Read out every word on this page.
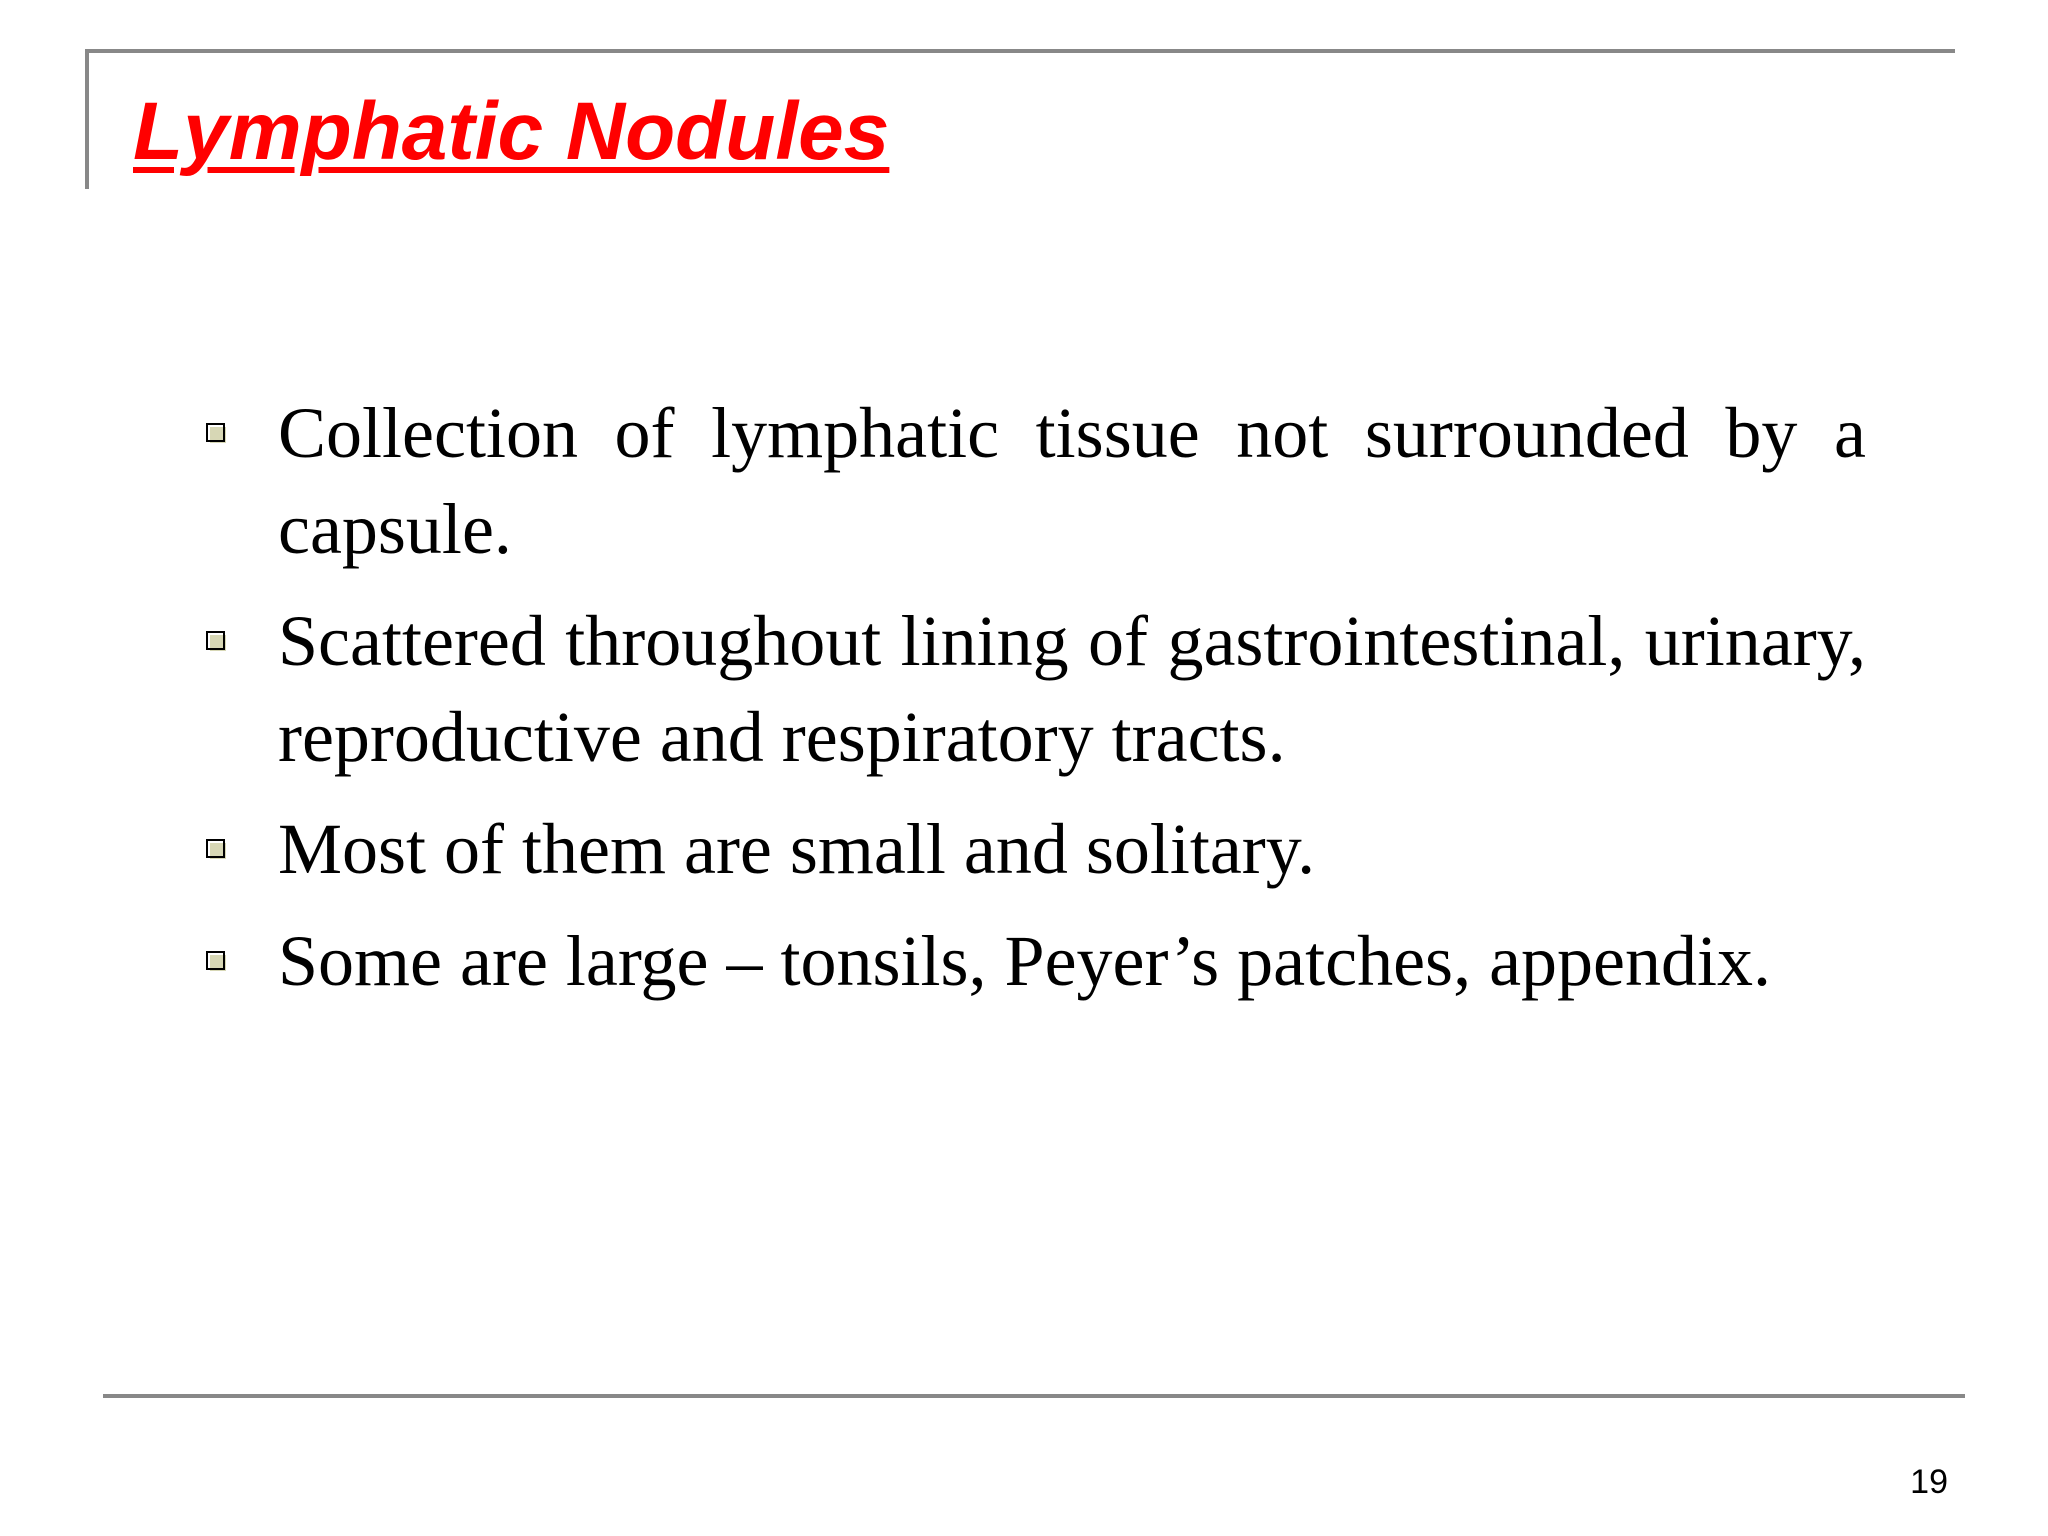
Lymphatic Nodules
Collection of lymphatic tissue not surrounded by a capsule.
Scattered throughout lining of gastrointestinal, urinary, reproductive and respiratory tracts.
Most of them are small and solitary.
Some are large – tonsils, Peyer’s patches, appendix.
19
